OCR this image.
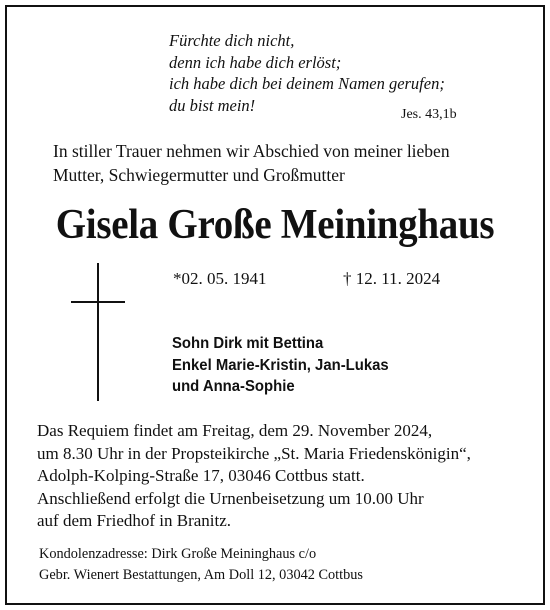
Fürchte dich nicht,
denn ich habe dich erlöst;
ich habe dich bei deinem Namen gerufen;
du bist mein!	Jes. 43,1b
In stiller Trauer nehmen wir Abschied von meiner lieben
Mutter, Schwiegermutter und Großmutter
Gisela Große Meininghaus
*02. 05. 1941	† 12. 11. 2024
Sohn Dirk mit Bettina
Enkel Marie-Kristin, Jan-Lukas
und Anna-Sophie
Das Requiem findet am Freitag, dem 29. November 2024,
um 8.30 Uhr in der Propsteikirche „St. Maria Friedenskönigin“,
Adolph-Kolping-Straße 17, 03046 Cottbus statt.
Anschließend erfolgt die Urnenbeisetzung um 10.00 Uhr
auf dem Friedhof in Branitz.
Kondolenzadresse: Dirk Große Meininghaus c/o
Gebr. Wienert Bestattungen, Am Doll 12, 03042 Cottbus
